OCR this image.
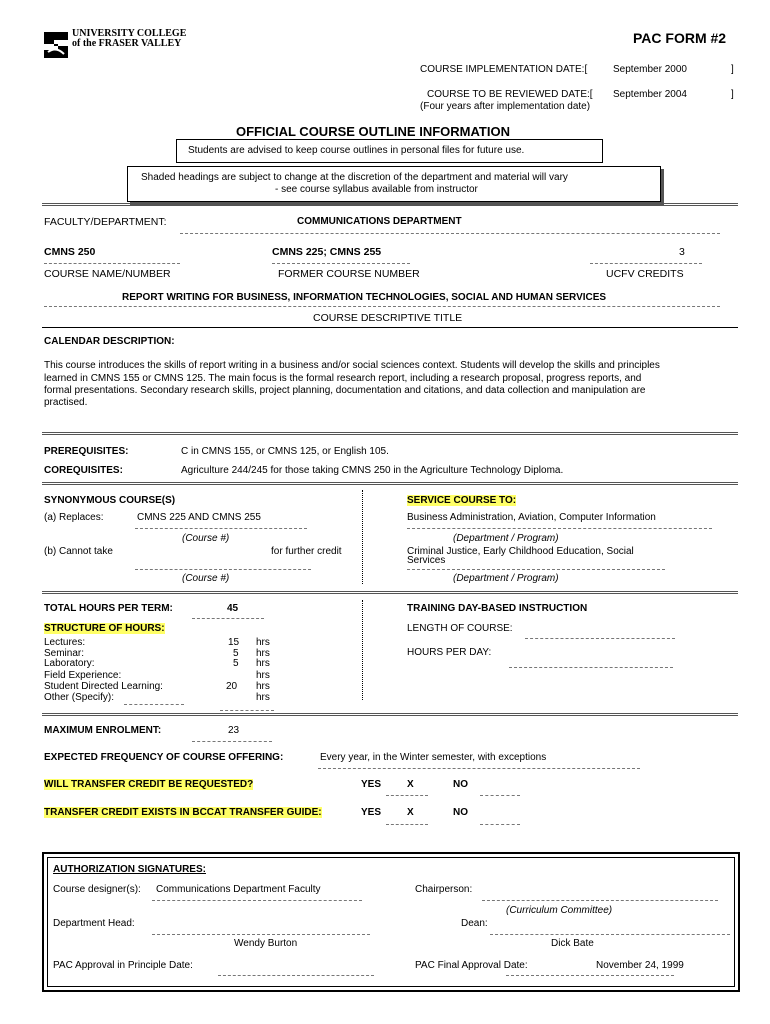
UNIVERSITY COLLEGE
of the FRASER VALLEY	PAC FORM #2
COURSE IMPLEMENTATION DATE:[	September 2000	]
COURSE TO BE REVIEWED DATE:[ September 2004	]
(Four years after implementation date)
OFFICIAL COURSE OUTLINE INFORMATION
Students are advised to keep course outlines in personal files for future use.
Shaded headings are subject to change at the discretion of the department and material will vary
- see course syllabus available from instructor
FACULTY/DEPARTMENT:	COMMUNICATIONS DEPARTMENT
CMNS 250
COURSE NAME/NUMBER
CMNS 225; CMNS 255
FORMER COURSE NUMBER
3
UCFV CREDITS
REPORT WRITING FOR BUSINESS, INFORMATION TECHNOLOGIES, SOCIAL AND HUMAN SERVICES
COURSE DESCRIPTIVE TITLE
CALENDAR DESCRIPTION:
This course introduces the skills of report writing in a business and/or social sciences context. Students will develop the skills and principles
learned in CMNS 155 or CMNS 125. The main focus is the formal research report, including a research proposal, progress reports, and
formal presentations. Secondary research skills, project planning, documentation and citations, and data collection and manipulation are
practised.
PREREQUISITES:	C in CMNS 155, or CMNS 125, or English 105.
COREQUISITES:	Agriculture 244/245 for those taking CMNS 250 in the Agriculture Technology Diploma.
SYNONYMOUS COURSE(S)
(a) Replaces:	CMNS 225 AND CMNS 255
(Course #)
(b) Cannot take	for further credit
(Course #)
SERVICE COURSE TO:
Business Administration, Aviation, Computer Information
(Department / Program)
Criminal Justice, Early Childhood Education, Social
Services
(Department / Program)
TOTAL HOURS PER TERM:	45
STRUCTURE OF HOURS:
Lectures:	15 hrs
Seminar:	5 hrs
Laboratory:	5 hrs
Field Experience:	hrs
Student Directed Learning:	20 hrs
Other (Specify):	hrs
TRAINING DAY-BASED INSTRUCTION
LENGTH OF COURSE:
HOURS PER DAY:
MAXIMUM ENROLMENT:	23
EXPECTED FREQUENCY OF COURSE OFFERING:	Every year, in the Winter semester, with exceptions
WILL TRANSFER CREDIT BE REQUESTED?	YES	X	NO
TRANSFER CREDIT EXISTS IN BCCAT TRANSFER GUIDE:	YES	X	NO
AUTHORIZATION SIGNATURES:
Course designer(s): Communications Department Faculty	Chairperson:
(Curriculum Committee)
Department Head:
Wendy Burton
Dean:
Dick Bate
PAC Approval in Principle Date:	PAC Final Approval Date:	November 24, 1999
